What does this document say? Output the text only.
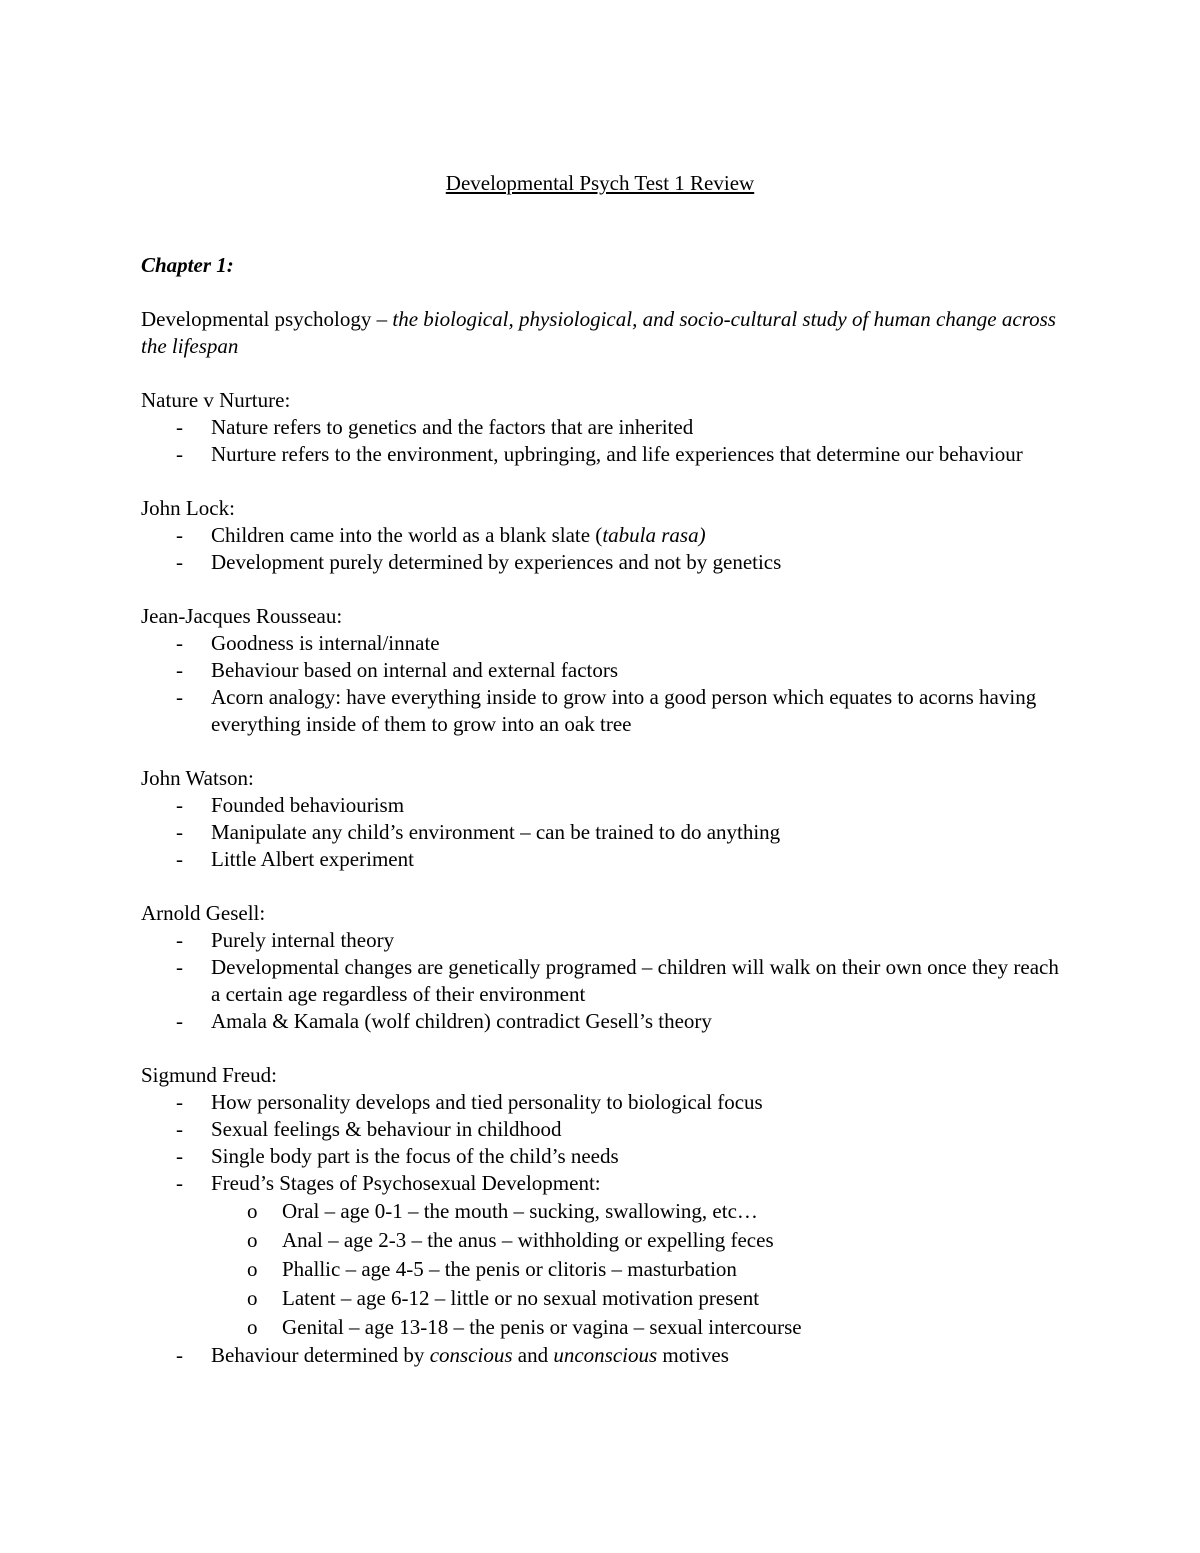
Developmental Psych Test 1 Review
Chapter 1:

Developmental psychology – the biological, physiological, and socio-cultural study of human change across the lifespan

Nature v Nurture:

- Nature refers to genetics and the factors that are inherited
- Nurture refers to the environment, upbringing, and life experiences that determine our behaviour

John Lock:

- Children came into the world as a blank slate (tabula rasa)
- Development purely determined by experiences and not by genetics

Jean-Jacques Rousseau:

- Goodness is internal/innate
- Behaviour based on internal and external factors
- Acorn analogy: have everything inside to grow into a good person which equates to acorns having everything inside of them to grow into an oak tree

John Watson:

- Founded behaviourism
- Manipulate any child’s environment – can be trained to do anything
- Little Albert experiment

Arnold Gesell:

- Purely internal theory
- Developmental changes are genetically programed – children will walk on their own once they reach a certain age regardless of their environment
- Amala & Kamala (wolf children) contradict Gesell’s theory

Sigmund Freud:

- How personality develops and tied personality to biological focus
- Sexual feelings & behaviour in childhood
- Single body part is the focus of the child’s needs
- Freud’s Stages of Psychosexual Development:
o Oral – age 0-1 – the mouth – sucking, swallowing, etc…
o Anal – age 2-3 – the anus – withholding or expelling feces
o Phallic – age 4-5 – the penis or clitoris – masturbation
o Latent – age 6-12 – little or no sexual motivation present
o Genital – age 13-18 – the penis or vagina – sexual intercourse
- Behaviour determined by conscious and unconscious motives
